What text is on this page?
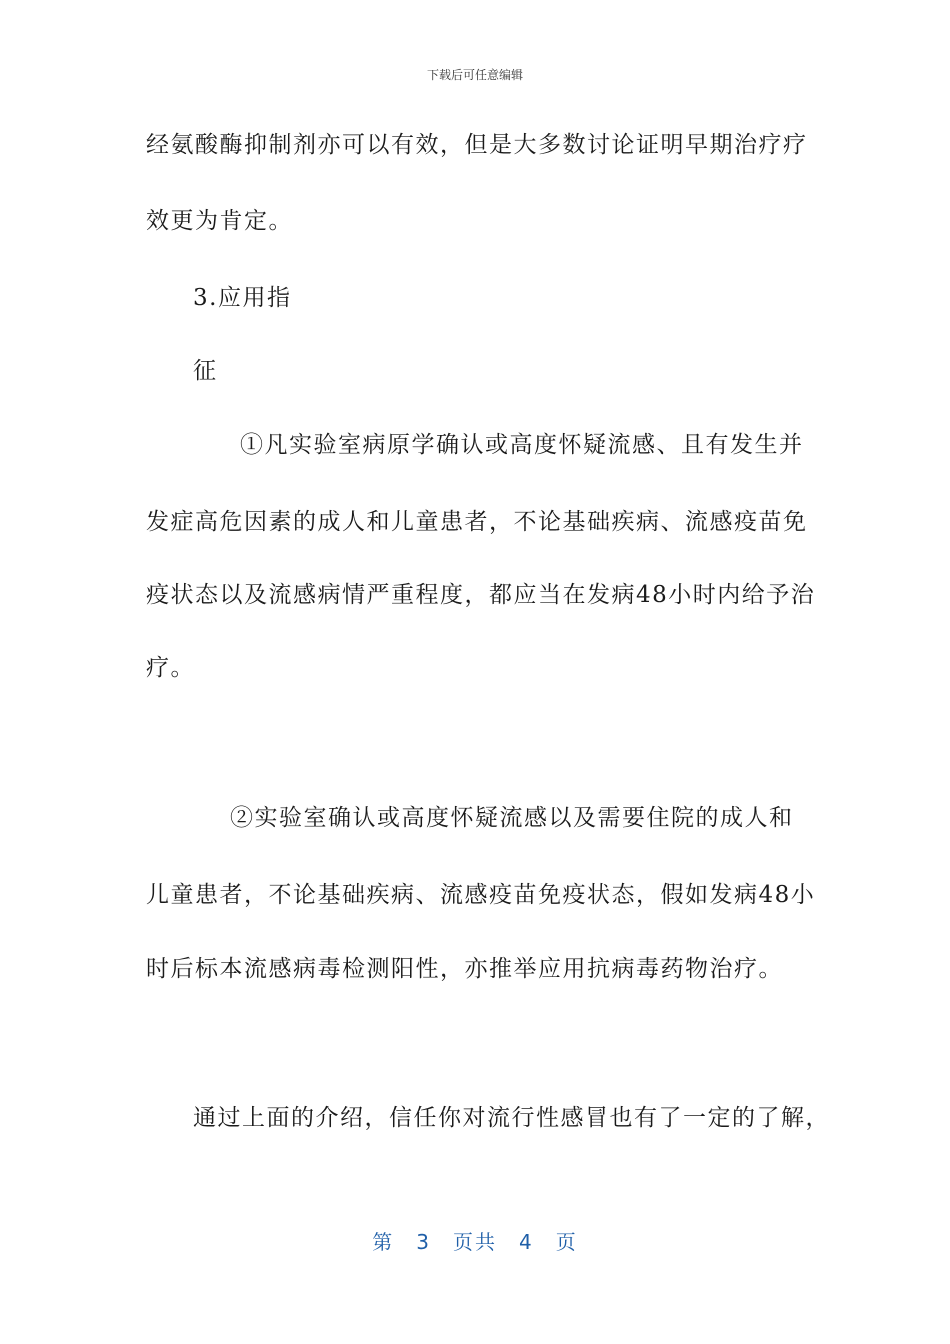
下载后可任意编辑
经氨酸酶抑制剂亦可以有效，但是大多数讨论证明早期治疗疗
效更为肯定。
3.应用指
征
①凡实验室病原学确认或高度怀疑流感、且有发生并
发症高危因素的成人和儿童患者，不论基础疾病、流感疫苗免
疫状态以及流感病情严重程度，都应当在发病48小时内给予治
疗。
②实验室确认或高度怀疑流感以及需要住院的成人和
儿童患者，不论基础疾病、流感疫苗免疫状态，假如发病48小
时后标本流感病毒检测阳性，亦推举应用抗病毒药物治疗。
通过上面的介绍，信任你对流行性感冒也有了一定的了解，
第 3 页共 4 页
